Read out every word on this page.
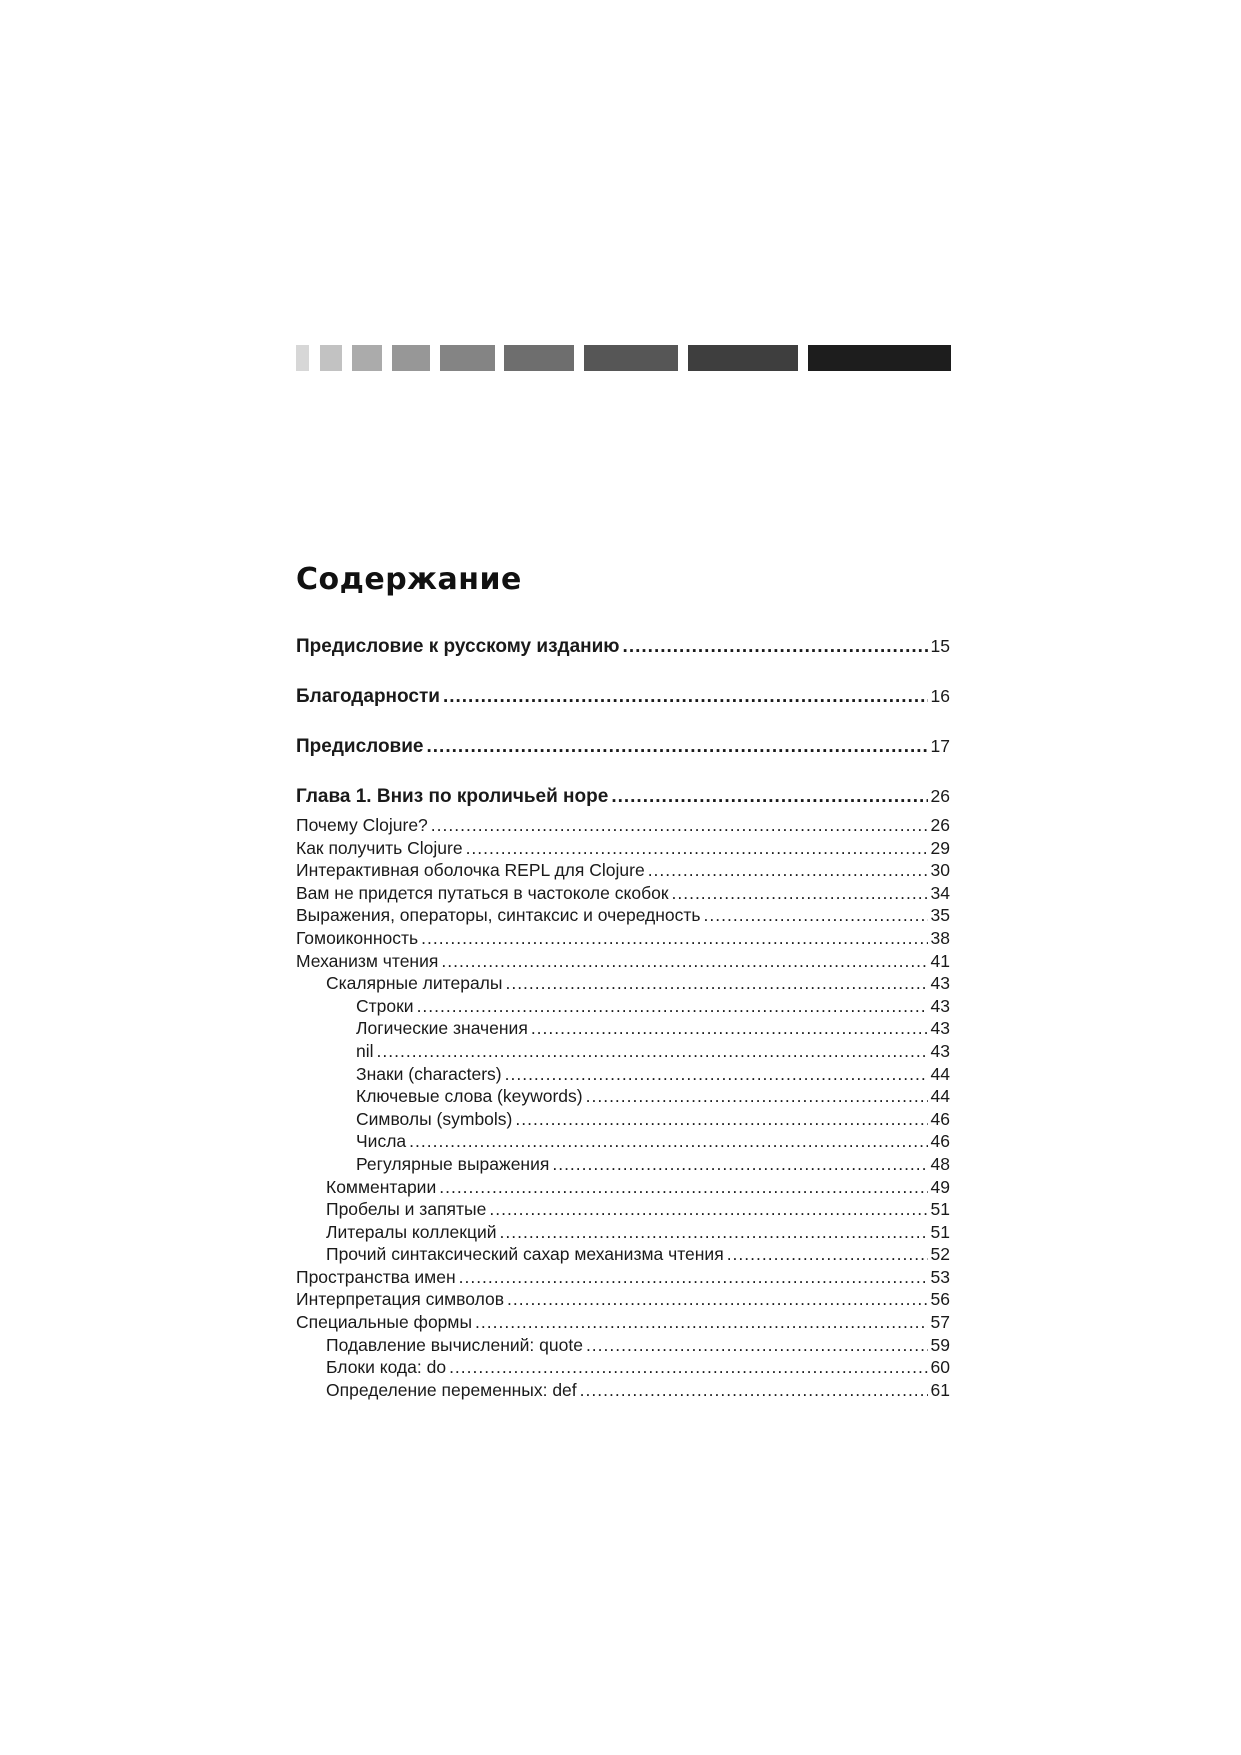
Содержание
Предисловие к русскому изданию .....	15
Благодарности .....	16
Предисловие .....	17
Глава 1. Вниз по кроличьей норе .....	26
Почему Clojure? .....	26
Как получить Clojure .....	29
Интерактивная оболочка REPL для Clojure .....	30
Вам не придется путаться в частоколе скобок .....	34
Выражения, операторы, синтаксис и очередность .....	35
Гомоиконность .....	38
Механизм чтения .....	41
Скалярные литералы .....	43
Строки .....	43
Логические значения .....	43
nil .....	43
Знаки (characters) .....	44
Ключевые слова (keywords) .....	44
Символы (symbols) .....	46
Числа .....	46
Регулярные выражения .....	48
Комментарии .....	49
Пробелы и запятые .....	51
Литералы коллекций .....	51
Прочий синтаксический сахар механизма чтения .....	52
Пространства имен .....	53
Интерпретация символов .....	56
Специальные формы .....	57
Подавление вычислений: quote .....	59
Блоки кода: do .....	60
Определение переменных: def .....	61
